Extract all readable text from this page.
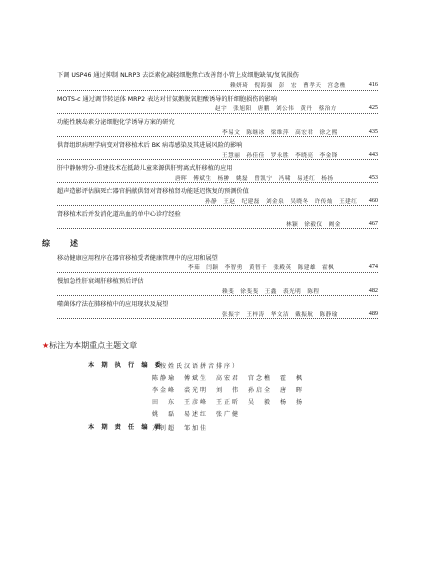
下调 USP46 通过抑制 NLRP3 去泛素化减轻细胞焦亡改善肾小管上皮细胞缺氧/复氧损伤
赖妍琦　倪海强　彭　宏　曹孝天　宫念樵	416
MOTS-c 通过调节转运体 MRP2 表达对甘氨鹅脱氧胆酸诱导的肝细胞损伤的影响
赵宇　张旭阳　唐鹏　刘公伟　黄丹　蔡治方	425
功能性胰岛素分泌细胞化学诱导方案的研究
李易文　陈继冰　梁维萍　高宏君　徐之熙	435
供肾组织病理学病变对肾移植术后 BK 病毒感染及其进展风险的影响
王慧丽　孙佳佳　罗永胜　李晓亮　李金锋	443
肝中静脉劈分-重建技术在抵龄儿童来源供肝劈离式肝移植的应用
唐晖　傅斌生　杨翀　姚磊　曾凯宁　冯啸　易述红　杨扬	453
超声造影评估脑死亡器官捐献供肾对肾移植肾功能延迟恢复的预测价值
孙静　王赵　纪建磊　刘金泉　吴晓冬　许传灿　王建红	460
肾移植术后并发消化道出血的单中心诊疗经验
林颖　徐毅仪　阙金	467
综　述
移动健康应用程序在器官移植受者健康管理中的应用和展望
李茹　闫颖　李智勇　黄智千　张殿英　陈建雄　霍枫	474
慢加急性肝衰竭肝移植预后评估
赖斐　徐斐斐　王鑫　裘光明　陈程	482
噬菌体疗法在肺移植中的应用现状及展望
张振宇　王梓涛　华文洁　戴振航　陈静瑜	489
★标注为本期重点主题文章
本 期 执 行 编 委
（按姓氏汉语拼音排序）
陈静瑜　傅斌生　高宏君　宫念樵　霍　枫
李金峰　裘光明　刘　伟　孙启全　唐　晖
田　东　王彦峰　王正昕　吴　毅　杨　扬
姚　磊　易述红　张广健
本 期 责 任 编 辑
方钊超　邹加佳
